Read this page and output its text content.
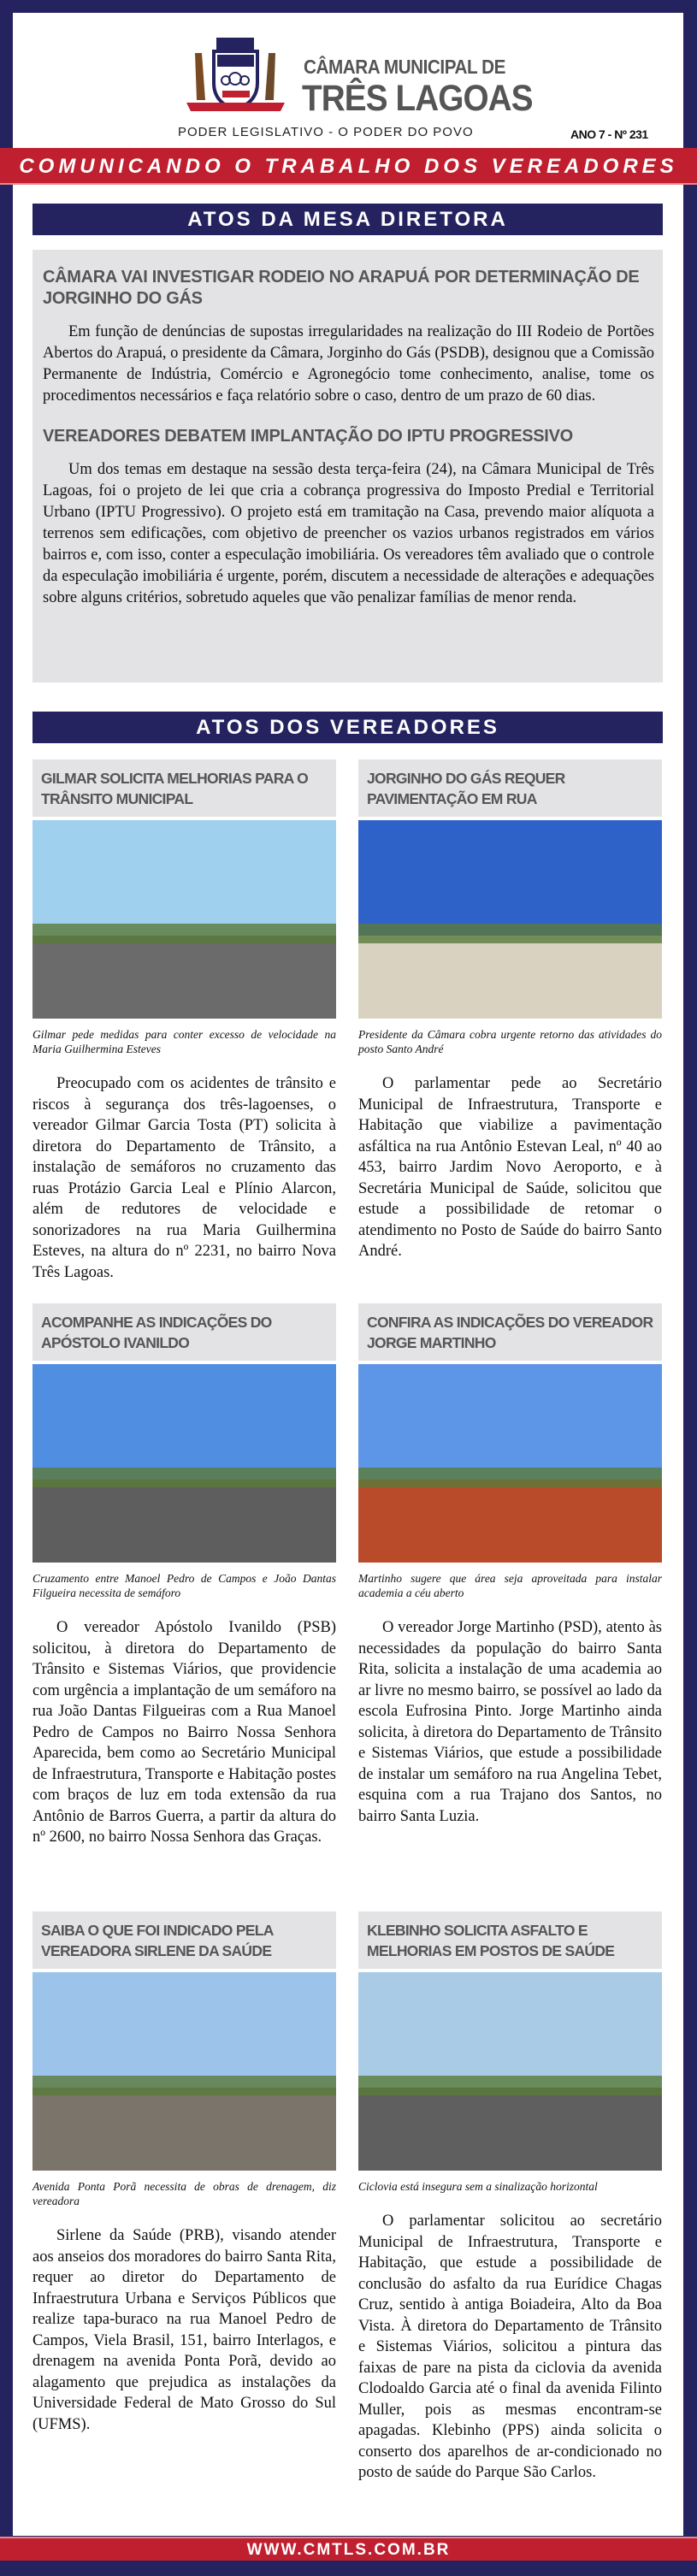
CÂMARA MUNICIPAL DE
TRÊS LAGOAS
PODER LEGISLATIVO - O PODER DO POVO	ANO 7 - Nº 231
COMUNICANDO O TRABALHO DOS VEREADORES
ATOS DA MESA DIRETORA
CÂMARA VAI INVESTIGAR RODEIO NO ARAPUÁ POR DETERMINAÇÃO DE JORGINHO DO GÁS

Em função de denúncias de supostas irregularidades na realização do III Rodeio de Portões Abertos do Arapuá, o presidente da Câmara, Jorginho do Gás (PSDB), designou que a Comissão Permanente de Indústria, Comércio e Agronegócio tome conhecimento, analise, tome os procedimentos necessários e faça relatório sobre o caso, dentro de um prazo de 60 dias.

VEREADORES DEBATEM IMPLANTAÇÃO DO IPTU PROGRESSIVO

Um dos temas em destaque na sessão desta terça-feira (24), na Câmara Municipal de Três Lagoas, foi o projeto de lei que cria a cobrança progressiva do Imposto Predial e Territorial Urbano (IPTU Progressivo). O projeto está em tramitação na Casa, prevendo maior alíquota a terrenos sem edificações, com objetivo de preencher os vazios urbanos registrados em vários bairros e, com isso, conter a especulação imobiliária. Os vereadores têm avaliado que o controle da especulação imobiliária é urgente, porém, discutem a necessidade de alterações e adequações sobre alguns critérios, sobretudo aqueles que vão penalizar famílias de menor renda.

ATOS DOS VEREADORES
GILMAR SOLICITA MELHORIAS PARA O TRÂNSITO MUNICIPAL
Gilmar pede medidas para conter excesso de velocidade na Maria Guilhermina Esteves

Preocupado com os acidentes de trânsito e riscos à segurança dos três-lagoenses, o vereador Gilmar Garcia Tosta (PT) solicita à diretora do Departamento de Trânsito, a instalação de semáforos no cruzamento das ruas Protázio Garcia Leal e Plínio Alarcon, além de redutores de velocidade e sonorizadores na rua Maria Guilhermina Esteves, na altura do nº 2231, no bairro Nova Três Lagoas.

JORGINHO DO GÁS REQUER PAVIMENTAÇÃO EM RUA
Presidente da Câmara cobra urgente retorno das atividades do posto Santo André

O parlamentar pede ao Secretário Municipal de Infraestrutura, Transporte e Habitação que viabilize a pavimentação asfáltica na rua Antônio Estevan Leal, nº 40 ao 453, bairro Jardim Novo Aeroporto, e à Secretária Municipal de Saúde, solicitou que estude a possibilidade de retomar o atendimento no Posto de Saúde do bairro Santo André.

ACOMPANHE AS INDICAÇÕES DO APÓSTOLO IVANILDO
Cruzamento entre Manoel Pedro de Campos e João Dantas Filgueira necessita de semáforo

O vereador Apóstolo Ivanildo (PSB) solicitou, à diretora do Departamento de Trânsito e Sistemas Viários, que providencie com urgência a implantação de um semáforo na rua João Dantas Filgueiras com a Rua Manoel Pedro de Campos no Bairro Nossa Senhora Aparecida, bem como ao Secretário Municipal de Infraestrutura, Transporte e Habitação postes com braços de luz em toda extensão da rua Antônio de Barros Guerra, a partir da altura do nº 2600, no bairro Nossa Senhora das Graças.

CONFIRA AS INDICAÇÕES DO VEREADOR JORGE MARTINHO
Martinho sugere que área seja aproveitada para instalar academia a céu aberto

O vereador Jorge Martinho (PSD), atento às necessidades da população do bairro Santa Rita, solicita a instalação de uma academia ao ar livre no mesmo bairro, se possível ao lado da escola Eufrosina Pinto. Jorge Martinho ainda solicita, à diretora do Departamento de Trânsito e Sistemas Viários, que estude a possibilidade de instalar um semáforo na rua Angelina Tebet, esquina com a rua Trajano dos Santos, no bairro Santa Luzia.

SAIBA O QUE FOI INDICADO PELA VEREADORA SIRLENE DA SAÚDE
Avenida Ponta Porã necessita de obras de drenagem, diz vereadora

Sirlene da Saúde (PRB), visando atender aos anseios dos moradores do bairro Santa Rita, requer ao diretor do Departamento de Infraestrutura Urbana e Serviços Públicos que realize tapa-buraco na rua Manoel Pedro de Campos, Viela Brasil, 151, bairro Interlagos, e drenagem na avenida Ponta Porã, devido ao alagamento que prejudica as instalações da Universidade Federal de Mato Grosso do Sul (UFMS).

KLEBINHO SOLICITA ASFALTO E MELHORIAS EM POSTOS DE SAÚDE
Ciclovia está insegura sem a sinalização horizontal

O parlamentar solicitou ao secretário Municipal de Infraestrutura, Transporte e Habitação, que estude a possibilidade de conclusão do asfalto da rua Eurídice Chagas Cruz, sentido à antiga Boiadeira, Alto da Boa Vista. À diretora do Departamento de Trânsito e Sistemas Viários, solicitou a pintura das faixas de pare na pista da ciclovia da avenida Clodoaldo Garcia até o final da avenida Filinto Muller, pois as mesmas encontram-se apagadas. Klebinho (PPS) ainda solicita o conserto dos aparelhos de ar-condicionado no posto de saúde do Parque São Carlos.

WWW.CMTLS.COM.BR
